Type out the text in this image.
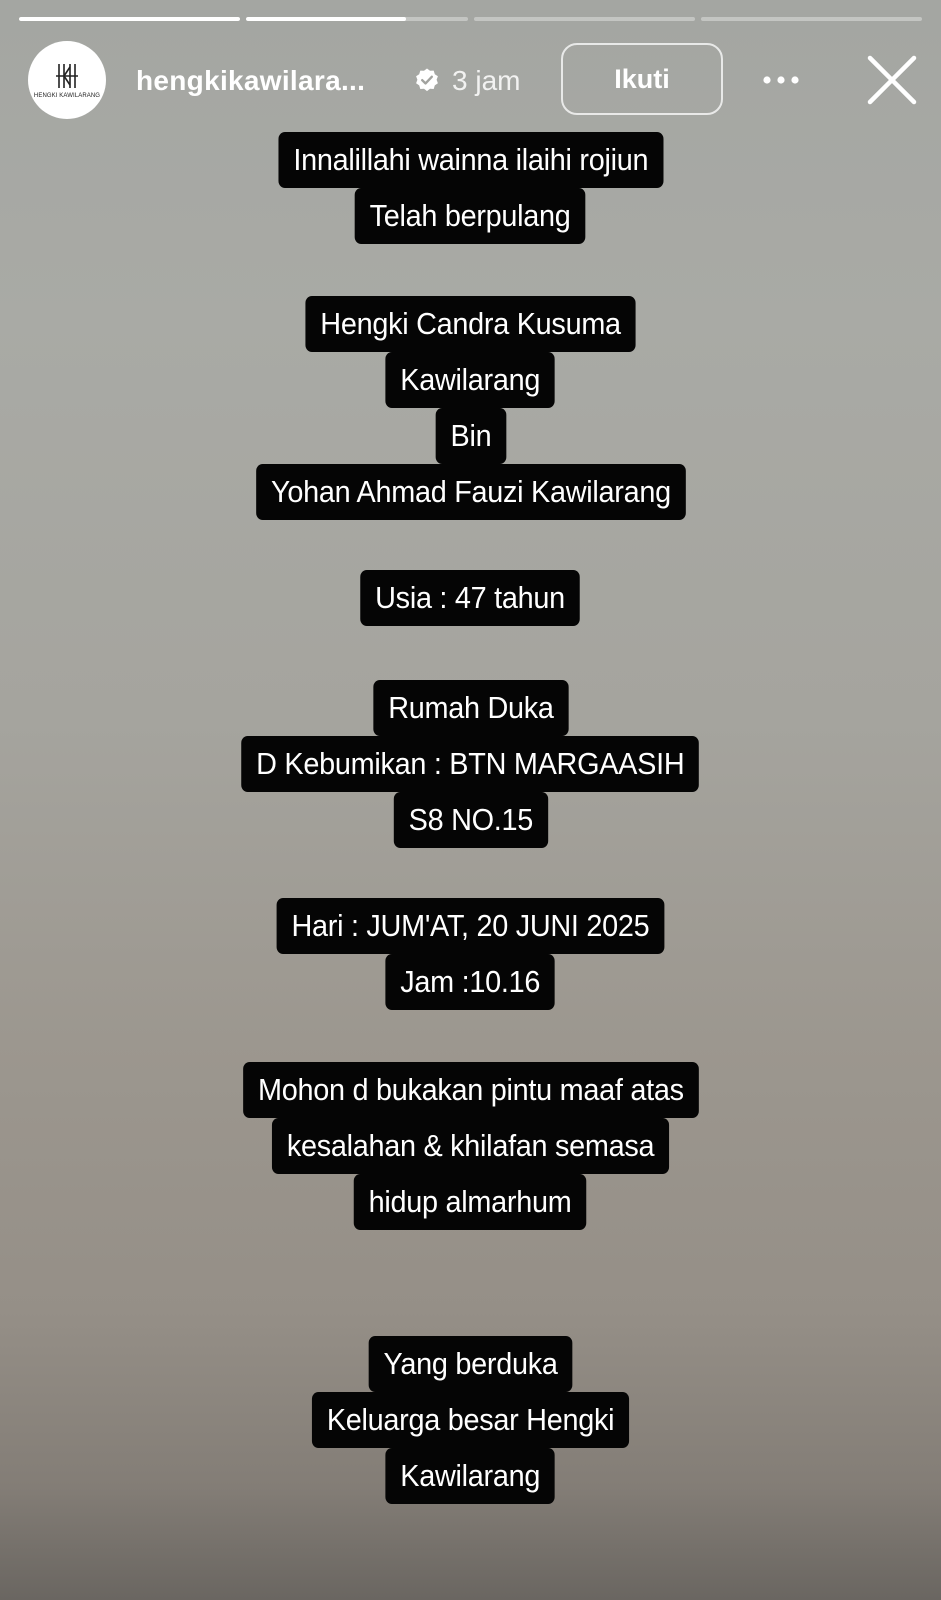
HENGKI KAWILARANG hengkikawilara...	3 jam	Ikuti
Innalillahi wainna ilaihi rojiun
Telah berpulang
Hengki Candra Kusuma
Kawilarang
Bin
Yohan Ahmad Fauzi Kawilarang
Usia : 47 tahun
Rumah Duka
D Kebumikan : BTN MARGAASIH
S8 NO.15
Hari : JUM'AT, 20 JUNI 2025
Jam :10.16
Mohon d bukakan pintu maaf atas
kesalahan & khilafan semasa
hidup almarhum
Yang berduka
Keluarga besar Hengki
Kawilarang
